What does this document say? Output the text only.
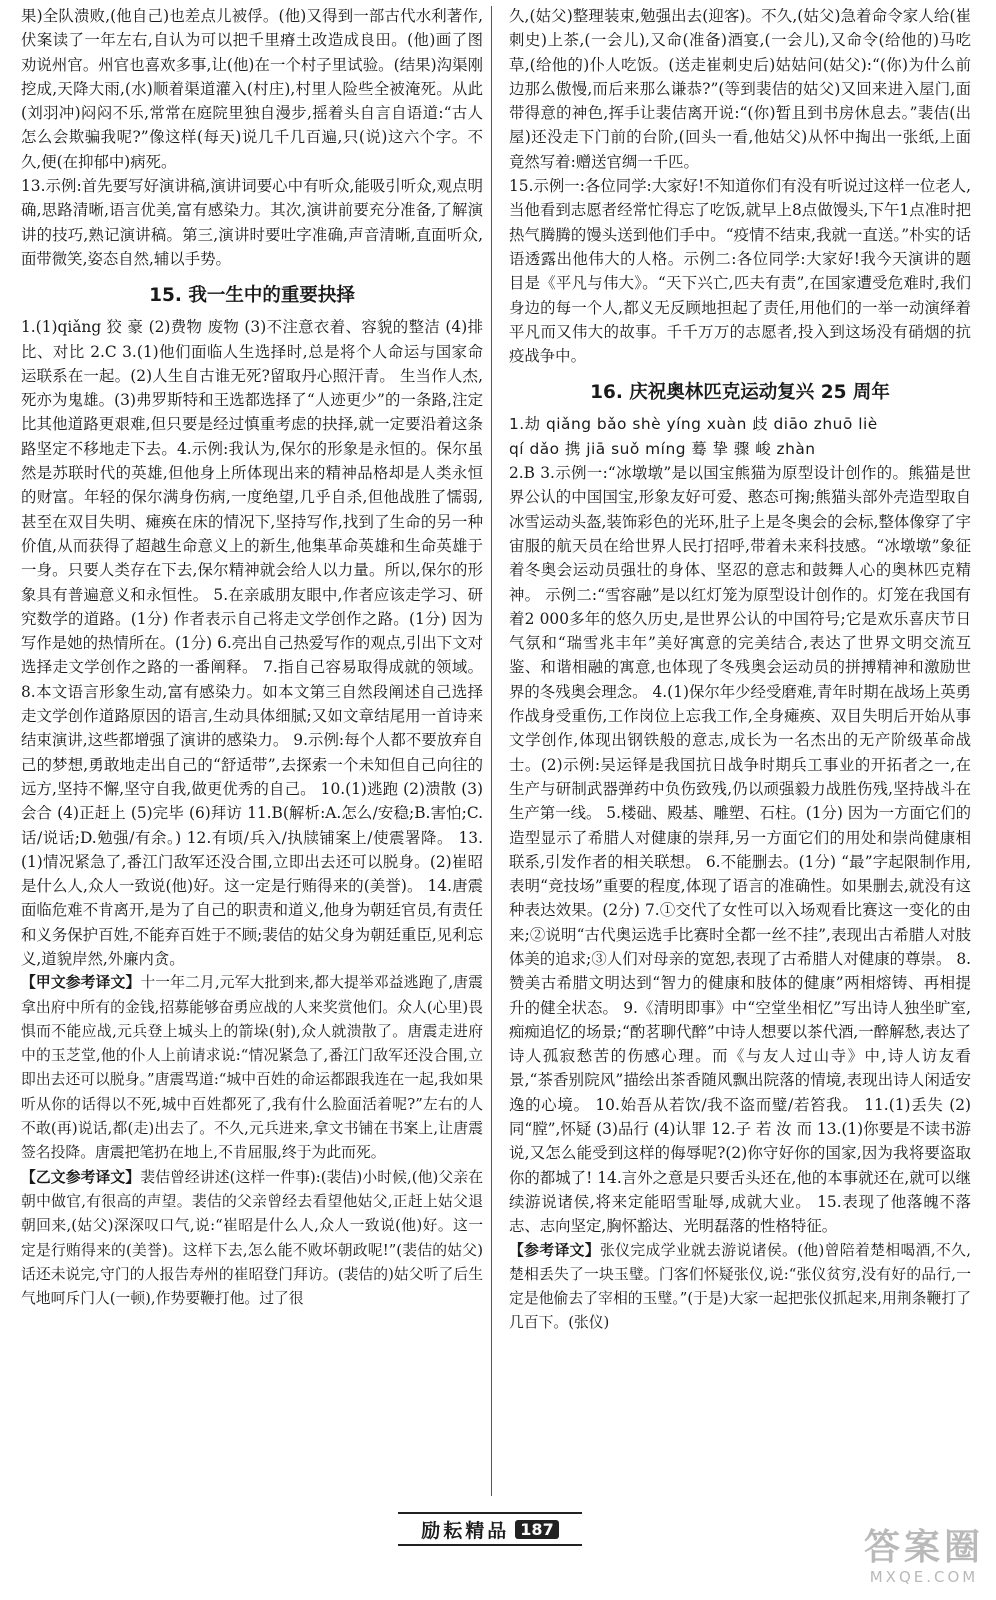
果)全队溃败,(他自己)也差点儿被俘。(他)又得到一部古代水利著作,伏案读了一年左右,自认为可以把千里瘠土改造成良田。(他)画了图劝说州官。州官也喜欢多事,让(他)在一个村子里试验。(结果)沟渠刚挖成,天降大雨,(水)顺着渠道灌入(村庄),村里人险些全被淹死。从此(刘羽冲)闷闷不乐,常常在庭院里独自漫步,摇着头自言自语道:“古人怎么会欺骗我呢?”像这样(每天)说几千几百遍,只(说)这六个字。不久,便(在抑郁中)病死。

13.示例:首先要写好演讲稿,演讲词要心中有听众,能吸引听众,观点明确,思路清晰,语言优美,富有感染力。其次,演讲前要充分准备,了解演讲的技巧,熟记演讲稿。第三,演讲时要吐字准确,声音清晰,直面听众,面带微笑,姿态自然,辅以手势。

15. 我一生中的重要抉择

1.(1)qiǎng 狡 豪 (2)费物 废物 (3)不注意衣着、容貌的整洁 (4)排比、对比 2.C 3.(1)他们面临人生选择时,总是将个人命运与国家命运联系在一起。(2)人生自古谁无死?留取丹心照汗青。 生当作人杰,死亦为鬼雄。(3)弗罗斯特和王选都选择了“人迹更少”的一条路,注定比其他道路更艰难,但只要是经过慎重考虑的抉择,就一定要沿着这条路坚定不移地走下去。4.示例:我认为,保尔的形象是永恒的。保尔虽然是苏联时代的英雄,但他身上所体现出来的精神品格却是人类永恒的财富。年轻的保尔满身伤病,一度绝望,几乎自杀,但他战胜了懦弱,甚至在双目失明、瘫痪在床的情况下,坚持写作,找到了生命的另一种价值,从而获得了超越生命意义上的新生,他集革命英雄和生命英雄于一身。只要人类存在下去,保尔精神就会给人以力量。所以,保尔的形象具有普遍意义和永恒性。 5.在亲戚朋友眼中,作者应该走学习、研究数学的道路。(1分) 作者表示自己将走文学创作之路。(1分) 因为写作是她的热情所在。(1分) 6.亮出自己热爱写作的观点,引出下文对选择走文学创作之路的一番阐释。 7.指自己容易取得成就的领域。 8.本文语言形象生动,富有感染力。如本文第三自然段阐述自己选择走文学创作道路原因的语言,生动具体细腻;又如文章结尾用一首诗来结束演讲,这些都增强了演讲的感染力。 9.示例:每个人都不要放弃自己的梦想,勇敢地走出自己的“舒适带”,去探索一个未知但自己向往的远方,坚持不懈,坚守自我,做更优秀的自己。 10.(1)逃跑 (2)溃散 (3)会合 (4)正赶上 (5)完毕 (6)拜访 11.B(解析:A.怎么/安稳;B.害怕;C.话/说话;D.勉强/有余。) 12.有顷/兵入/执牍铺案上/使震署降。 13.(1)情况紧急了,番江门敌军还没合围,立即出去还可以脱身。(2)崔昭是什么人,众人一致说(他)好。这一定是行贿得来的(美誉)。 14.唐震面临危难不肯离开,是为了自己的职责和道义,他身为朝廷官员,有责任和义务保护百姓,不能弃百姓于不顾;裴佶的姑父身为朝廷重臣,见利忘义,道貌岸然,外廉内贪。

【甲文参考译文】十一年二月,元军大批到来,都大提举邓益逃跑了,唐震拿出府中所有的金钱,招募能够奋勇应战的人来奖赏他们。众人(心里)畏惧而不能应战,元兵登上城头上的箭垛(射),众人就溃散了。唐震走进府中的玉芝堂,他的仆人上前请求说:“情况紧急了,番江门敌军还没合围,立即出去还可以脱身。”唐震骂道:“城中百姓的命运都跟我连在一起,我如果听从你的话得以不死,城中百姓都死了,我有什么脸面活着呢?”左右的人不敢(再)说话,都(走)出去了。不久,元兵进来,拿文书铺在书案上,让唐震签名投降。唐震把笔扔在地上,不肯屈服,终于为此而死。

【乙文参考译文】裴佶曾经讲述(这样一件事):(裴佶)小时候,(他)父亲在朝中做官,有很高的声望。裴佶的父亲曾经去看望他姑父,正赶上姑父退朝回来,(姑父)深深叹口气,说:“崔昭是什么人,众人一致说(他)好。这一定是行贿得来的(美誉)。这样下去,怎么能不败坏朝政呢!”(裴佶的姑父)话还未说完,守门的人报告寿州的崔昭登门拜访。(裴佶的)姑父听了后生气地呵斥门人(一顿),作势要鞭打他。过了很

久,(姑父)整理装束,勉强出去(迎客)。不久,(姑父)急着命令家人给(崔刺史)上茶,(一会儿),又命(准备)酒宴,(一会儿),又命令(给他的)马吃草,(给他的)仆人吃饭。(送走崔刺史后)姑姑问(姑父):“(你)为什么前边那么傲慢,而后来那么谦恭?”(等到裴佶的姑父)又回来进入屋门,面带得意的神色,挥手让裴佶离开说:“(你)暂且到书房休息去。”裴佶(出屋)还没走下门前的台阶,(回头一看,他姑父)从怀中掏出一张纸,上面竟然写着:赠送官绸一千匹。

15.示例一:各位同学:大家好!不知道你们有没有听说过这样一位老人,当他看到志愿者经常忙得忘了吃饭,就早上8点做馒头,下午1点准时把热气腾腾的馒头送到他们手中。“疫情不结束,我就一直送。”朴实的话语透露出他伟大的人格。示例二:各位同学:大家好!我今天演讲的题目是《平凡与伟大》。“天下兴亡,匹夫有责”,在国家遭受危难时,我们身边的每一个人,都义无反顾地担起了责任,用他们的一举一动演绎着平凡而又伟大的故事。千千万万的志愿者,投入到这场没有硝烟的抗疫战争中。

16. 庆祝奥林匹克运动复兴 25 周年

1.劫 qiǎng bǎo shè yíng xuàn 歧 diāo zhuō liè

qí dǎo 携 jiā suǒ míng 蓦 挚 骤 峻 zhàn

2.B 3.示例一:“冰墩墩”是以国宝熊猫为原型设计创作的。熊猫是世界公认的中国国宝,形象友好可爱、憨态可掬;熊猫头部外壳造型取自冰雪运动头盔,装饰彩色的光环,肚子上是冬奥会的会标,整体像穿了宇宙服的航天员在给世界人民打招呼,带着未来科技感。“冰墩墩”象征着冬奥会运动员强壮的身体、坚忍的意志和鼓舞人心的奥林匹克精神。 示例二:“雪容融”是以红灯笼为原型设计创作的。灯笼在我国有着2 000多年的悠久历史,是世界公认的中国符号;它是欢乐喜庆节日气氛和“瑞雪兆丰年”美好寓意的完美结合,表达了世界文明交流互鉴、和谐相融的寓意,也体现了冬残奥会运动员的拼搏精神和激励世界的冬残奥会理念。 4.(1)保尔年少经受磨难,青年时期在战场上英勇作战身受重伤,工作岗位上忘我工作,全身瘫痪、双目失明后开始从事文学创作,体现出钢铁般的意志,成长为一名杰出的无产阶级革命战士。(2)示例:吴运铎是我国抗日战争时期兵工事业的开拓者之一,在生产与研制武器弹药中负伤致残,仍以顽强毅力战胜伤残,坚持战斗在生产第一线。 5.楼础、殿基、雕塑、石柱。(1分) 因为一方面它们的造型显示了希腊人对健康的崇拜,另一方面它们的用处和崇尚健康相联系,引发作者的相关联想。 6.不能删去。(1分) “最”字起限制作用,表明“竞技场”重要的程度,体现了语言的准确性。如果删去,就没有这种表达效果。(2分) 7.①交代了女性可以入场观看比赛这一变化的由来;②说明“古代奥运选手比赛时全都一丝不挂”,表现出古希腊人对肢体美的追求;③人们对母亲的宽恕,表现了古希腊人对健康的尊崇。 8.赞美古希腊文明达到“智力的健康和肢体的健康”两相熔铸、再相提升的健全状态。 9.《清明即事》中“空堂坐相忆”写出诗人独坐旷室,痴痴追忆的场景;“酌茗聊代醉”中诗人想要以茶代酒,一醉解愁,表达了诗人孤寂愁苦的伤感心理。而《与友人过山寺》中,诗人访友看景,“茶香别院风”描绘出茶香随风飘出院落的情境,表现出诗人闲适安逸的心境。 10.始吾从若饮/我不盗而璧/若笞我。 11.(1)丢失 (2)同“膛”,怀疑 (3)品行 (4)认罪 12.子 若 汝 而 13.(1)你要是不读书游说,又怎么能受到这样的侮辱呢?(2)你守好你的国家,因为我将要盗取你的都城了! 14.言外之意是只要舌头还在,他的本事就还在,就可以继续游说诸侯,将来定能昭雪耻辱,成就大业。 15.表现了他落魄不落志、志向坚定,胸怀豁达、光明磊落的性格特征。

【参考译文】张仪完成学业就去游说诸侯。(他)曾陪着楚相喝酒,不久,楚相丢失了一块玉璧。门客们怀疑张仪,说:“张仪贫穷,没有好的品行,一定是他偷去了宰相的玉璧。”(于是)大家一起把张仪抓起来,用荆条鞭打了几百下。(张仪)

励耘精品 187	答案圈
MXQE.COM
